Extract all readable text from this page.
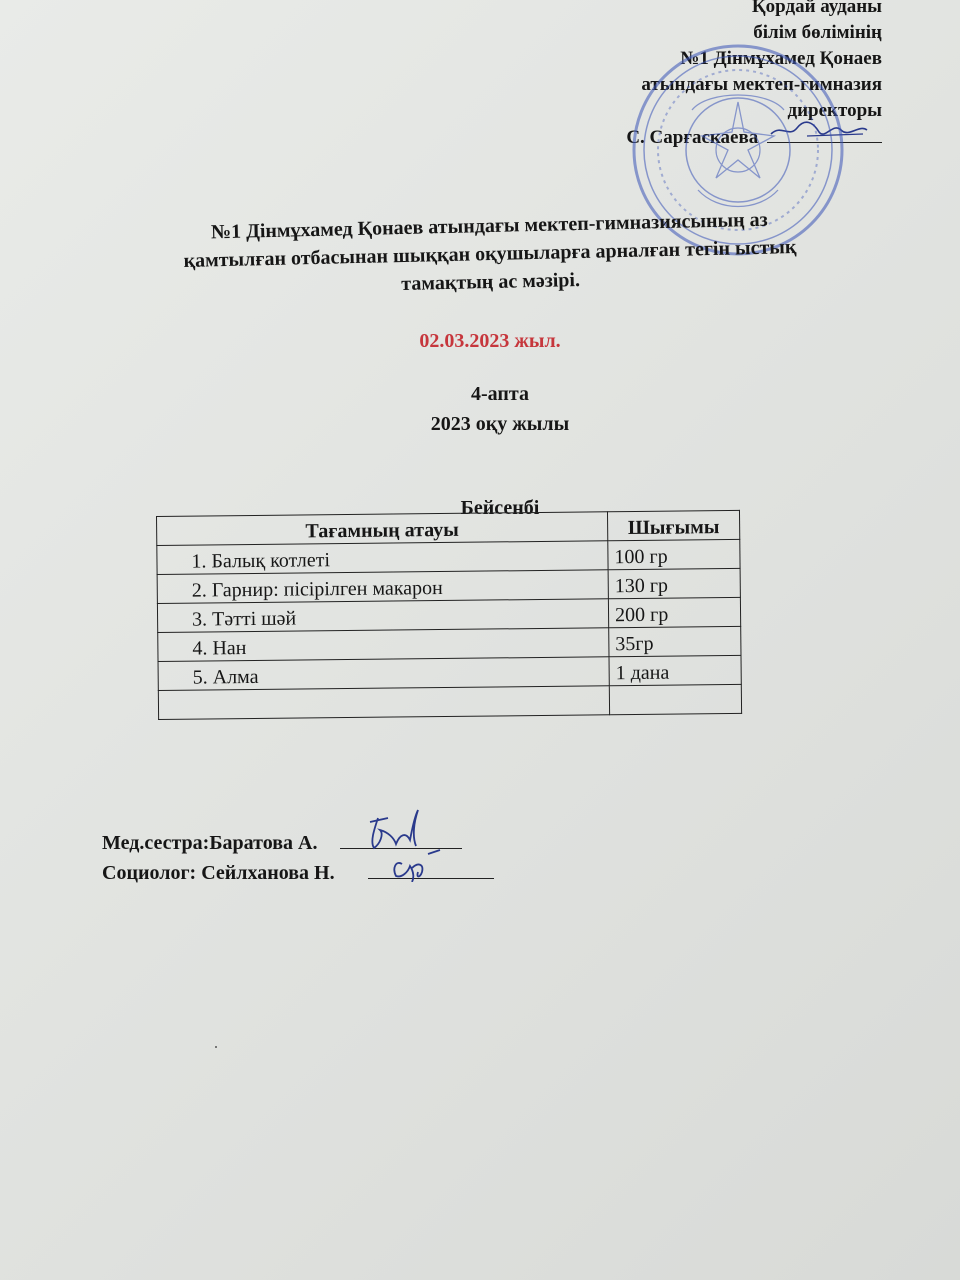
Қордай ауданы
білім бөлімінің
№1 Дінмұхамед Қонаев
атындағы мектеп-гимназия
директоры
С. Сарғаскаева
№1 Дінмұхамед Қонаев атындағы мектеп-гимназиясының аз
қамтылған отбасынан шыққан оқушыларға арналған тегін ыстық
тамақтың ас мәзірі.
02.03.2023 жыл.
4-апта
2023 оқу жылы
Бейсенбі
Тағамның атауы	Шығымы
1. Балық котлеті	100 гр
2. Гарнир: пісірілген макарон	130 гр
3. Тәтті шәй	200 гр
4. Нан	35гр
5. Алма	1 дана

Мед.сестра:Баратова А.
Социолог: Сейлханова Н.
